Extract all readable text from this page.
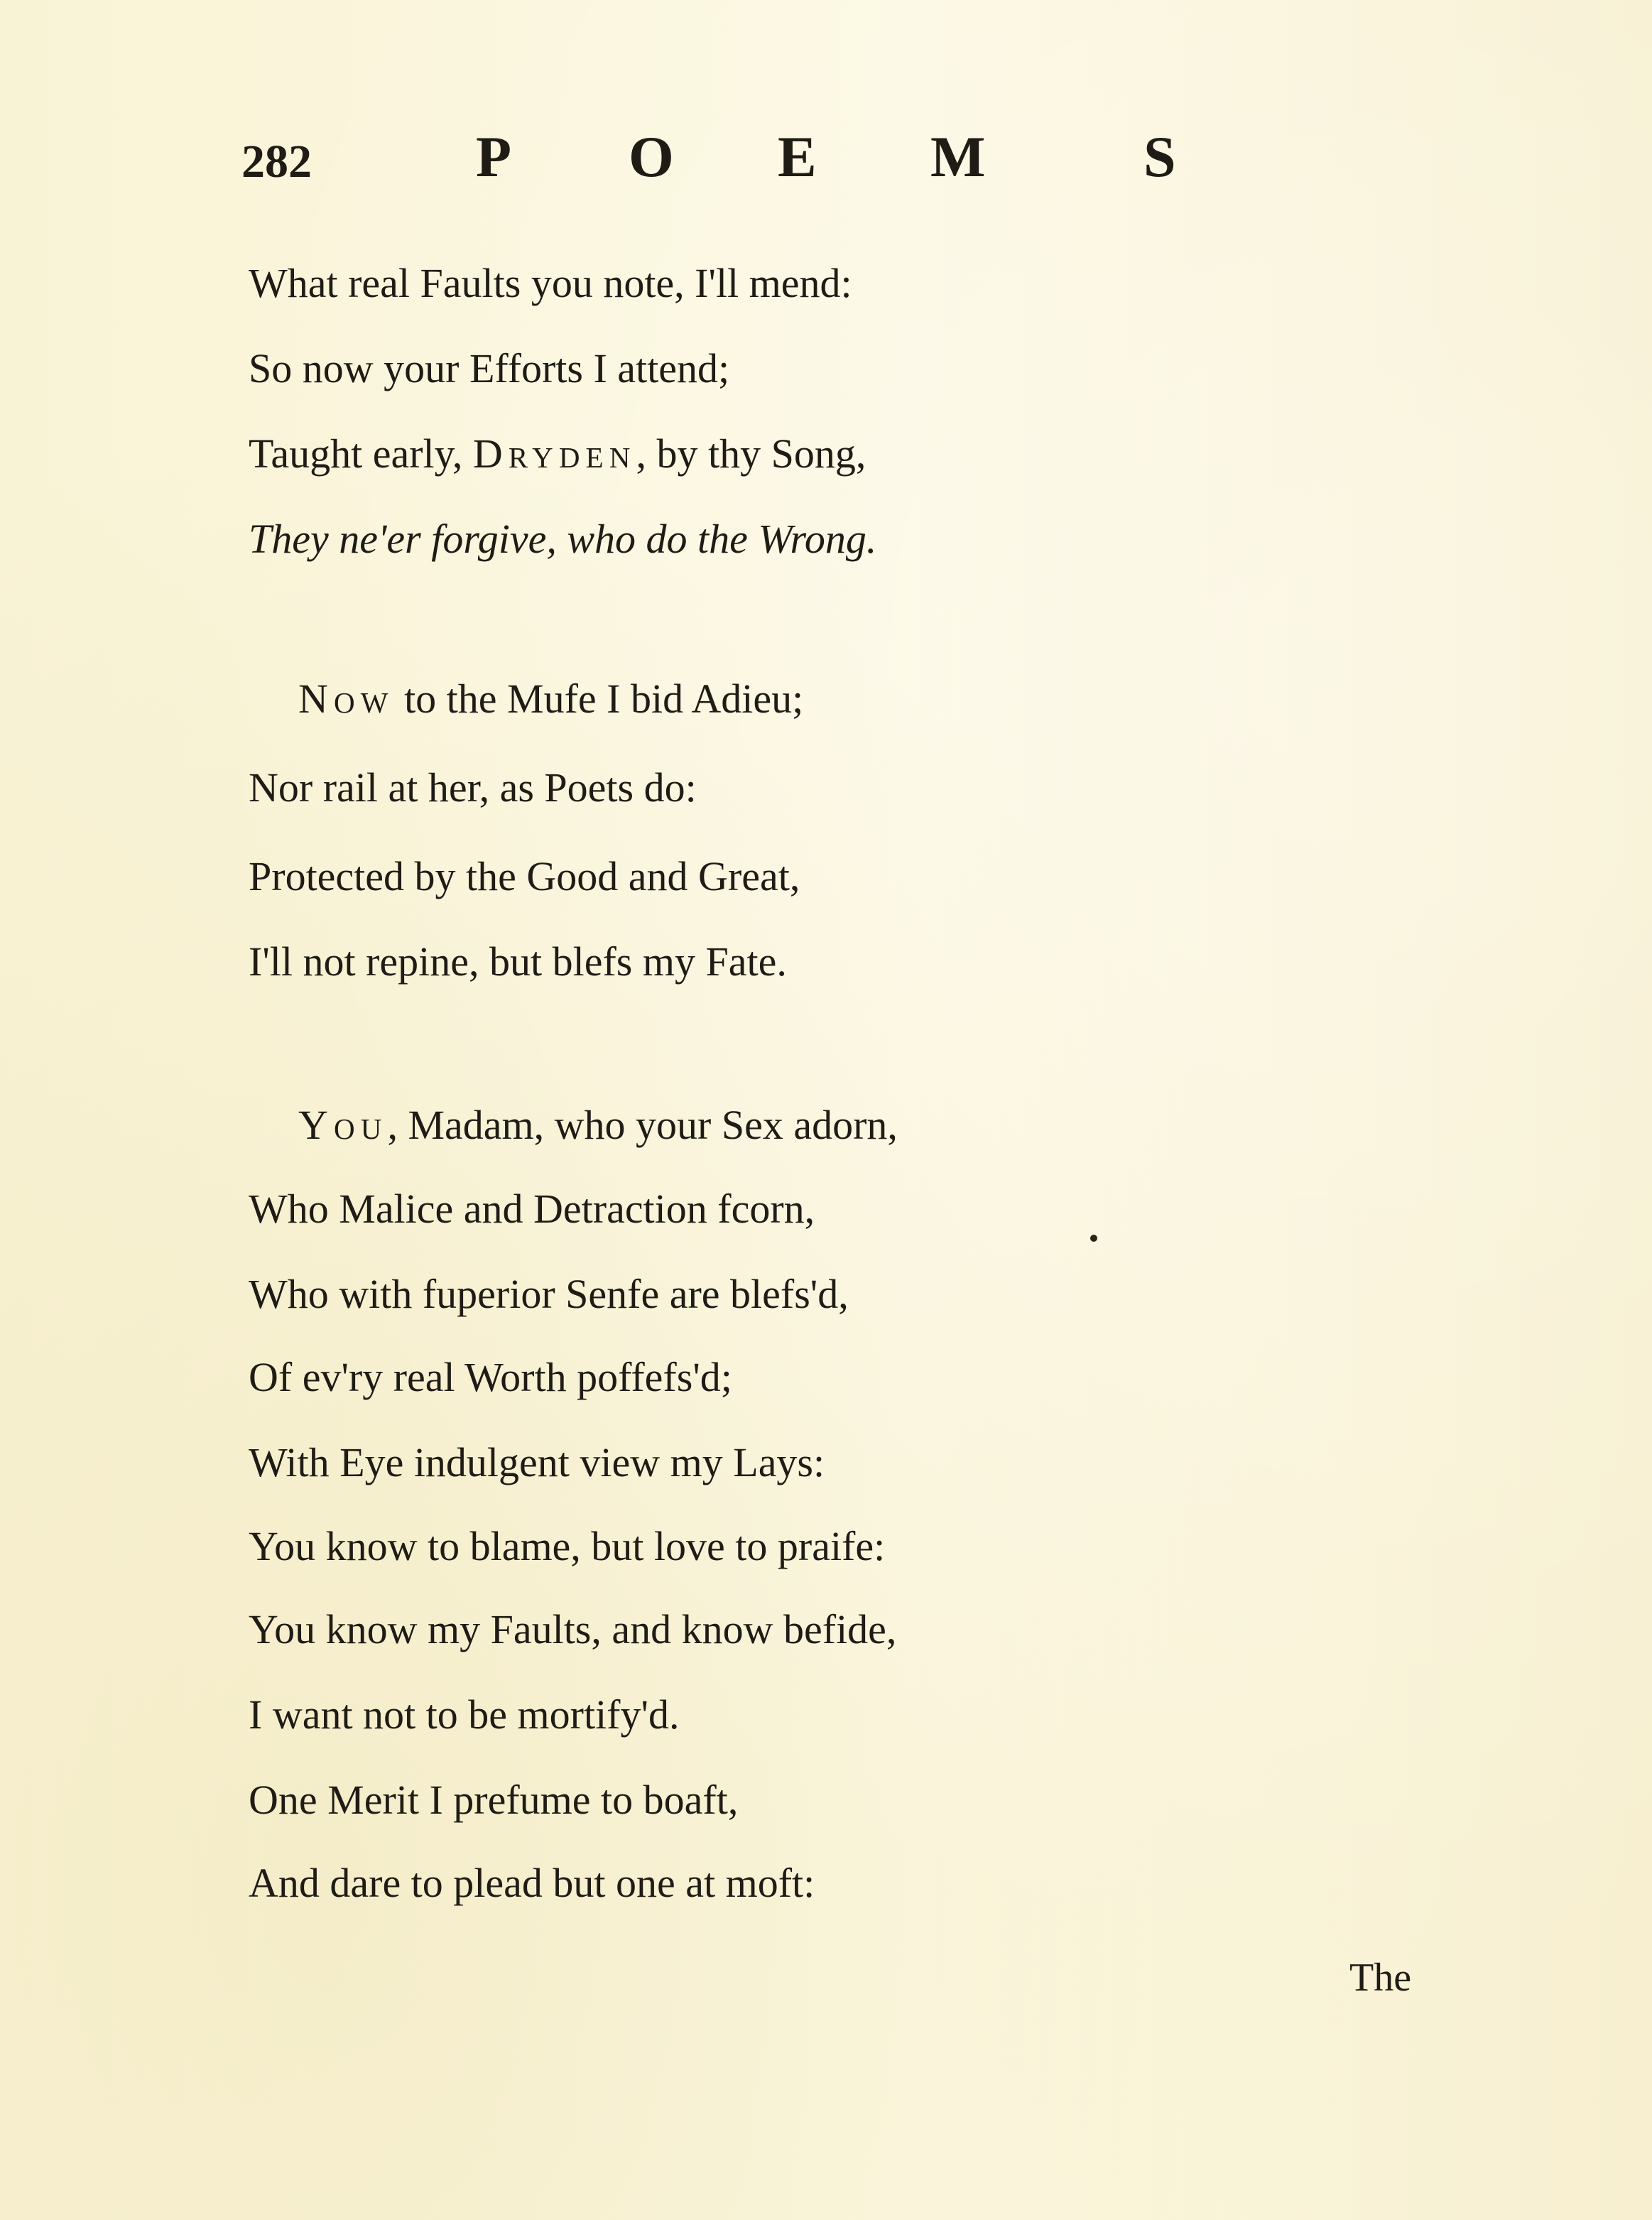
282	P O E M	S
What real Faults you note, I'll mend:
So now your Efforts I attend;
Taught early, Dryden, by thy Song,
They ne'er forgive, who do the Wrong.
Now to the Mufe I bid Adieu;
Nor rail at her, as Poets do:
Protected by the Good and Great,
I'll not repine, but blefs my Fate.
You, Madam, who your Sex adorn,
Who Malice and Detraction fcorn,
Who with fuperior Senfe are blefs'd,
Of ev'ry real Worth poffefs'd;
With Eye indulgent view my Lays:
You know to blame, but love to praife:
You know my Faults, and know befide,
I want not to be mortify'd.
One Merit I prefume to boaft,
And dare to plead but one at moft:
The
